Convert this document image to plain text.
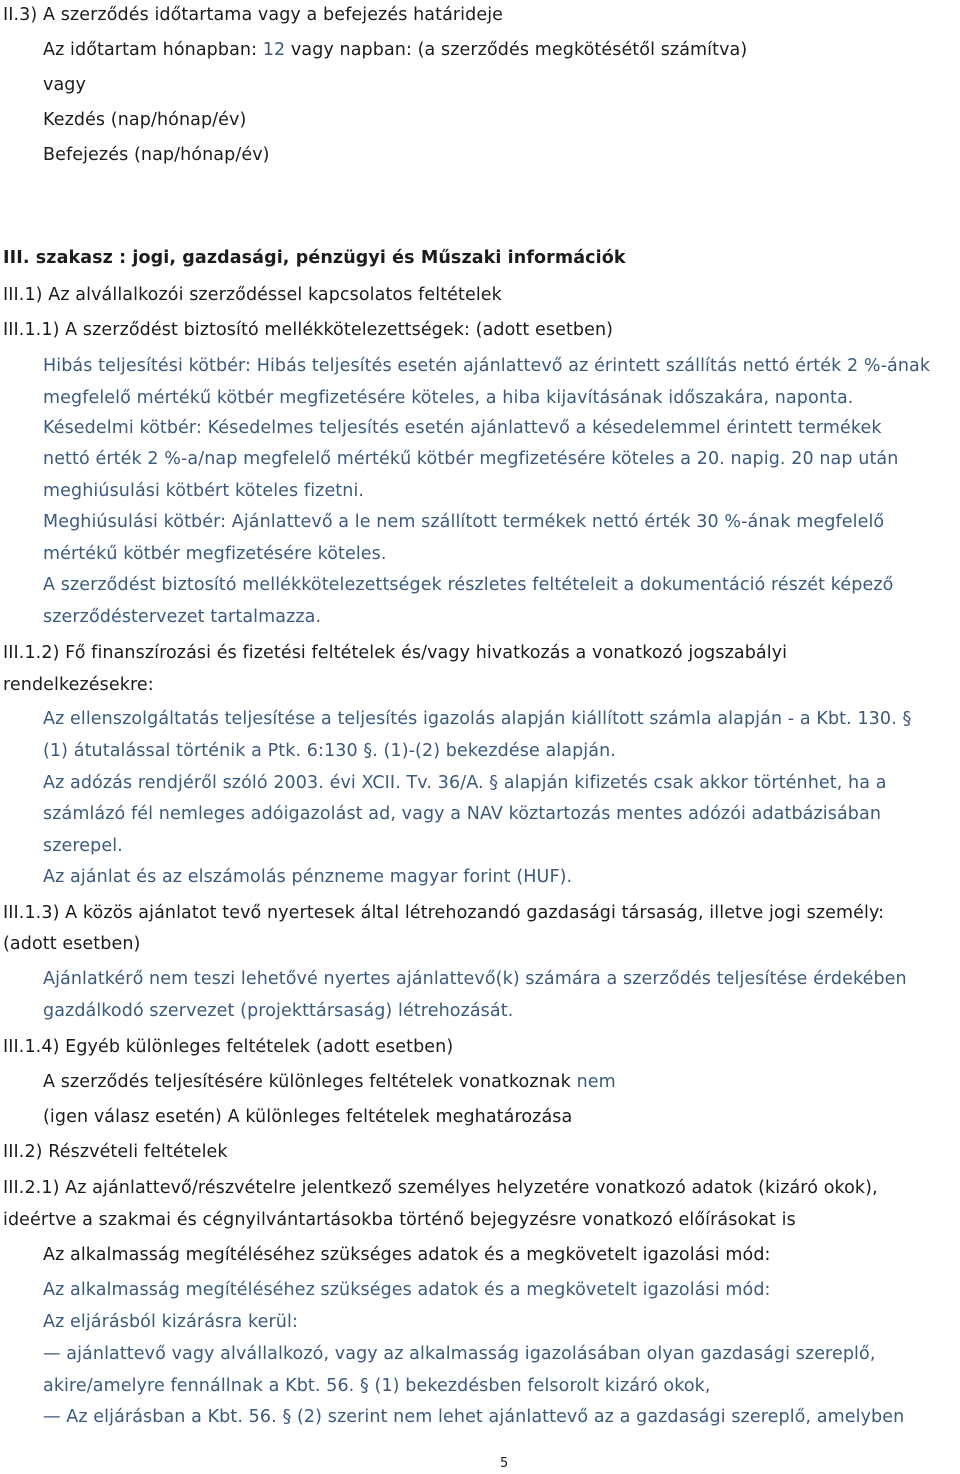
II.3) A szerződés időtartama vagy a befejezés határideje
Az időtartam hónapban: 12 vagy napban: (a szerződés megkötésétől számítva)
vagy
Kezdés (nap/hónap/év)
Befejezés (nap/hónap/év)
III. szakasz : jogi, gazdasági, pénzügyi és Műszaki információk
III.1) Az alvállalkozói szerződéssel kapcsolatos feltételek
III.1.1) A szerződést biztosító mellékkötelezettségek: (adott esetben)
Hibás teljesítési kötbér: Hibás teljesítés esetén ajánlattevő az érintett szállítás nettó érték 2 %-ának
megfelelő mértékű kötbér megfizetésére köteles, a hiba kijavításának időszakára, naponta.
Késedelmi kötbér: Késedelmes teljesítés esetén ajánlattevő a késedelemmel érintett termékek
nettó érték 2 %-a/nap megfelelő mértékű kötbér megfizetésére köteles a 20. napig. 20 nap után
meghiúsulási kötbért köteles fizetni.
Meghiúsulási kötbér: Ajánlattevő a le nem szállított termékek nettó érték 30 %-ának megfelelő
mértékű kötbér megfizetésére köteles.
A szerződést biztosító mellékkötelezettségek részletes feltételeit a dokumentáció részét képező
szerződéstervezet tartalmazza.
III.1.2) Fő finanszírozási és fizetési feltételek és/vagy hivatkozás a vonatkozó jogszabályi
rendelkezésekre:
Az ellenszolgáltatás teljesítése a teljesítés igazolás alapján kiállított számla alapján - a Kbt. 130. §
(1) átutalással történik a Ptk. 6:130 §. (1)-(2) bekezdése alapján.
Az adózás rendjéről szóló 2003. évi XCII. Tv. 36/A. § alapján kifizetés csak akkor történhet, ha a
számlázó fél nemleges adóigazolást ad, vagy a NAV köztartozás mentes adózói adatbázisában
szerepel.
Az ajánlat és az elszámolás pénzneme magyar forint (HUF).
III.1.3) A közös ajánlatot tevő nyertesek által létrehozandó gazdasági társaság, illetve jogi személy:
(adott esetben)
Ajánlatkérő nem teszi lehetővé nyertes ajánlattevő(k) számára a szerződés teljesítése érdekében
gazdálkodó szervezet (projekttársaság) létrehozását.
III.1.4) Egyéb különleges feltételek (adott esetben)
A szerződés teljesítésére különleges feltételek vonatkoznak nem
(igen válasz esetén) A különleges feltételek meghatározása
III.2) Részvételi feltételek
III.2.1) Az ajánlattevő/részvételre jelentkező személyes helyzetére vonatkozó adatok (kizáró okok),
ideértve a szakmai és cégnyilvántartásokba történő bejegyzésre vonatkozó előírásokat is
Az alkalmasság megítéléséhez szükséges adatok és a megkövetelt igazolási mód:
Az alkalmasság megítéléséhez szükséges adatok és a megkövetelt igazolási mód:
Az eljárásból kizárásra kerül:
— ajánlattevő vagy alvállalkozó, vagy az alkalmasság igazolásában olyan gazdasági szereplő,
akire/amelyre fennállnak a Kbt. 56. § (1) bekezdésben felsorolt kizáró okok,
— Az eljárásban a Kbt. 56. § (2) szerint nem lehet ajánlattevő az a gazdasági szereplő, amelyben
5
